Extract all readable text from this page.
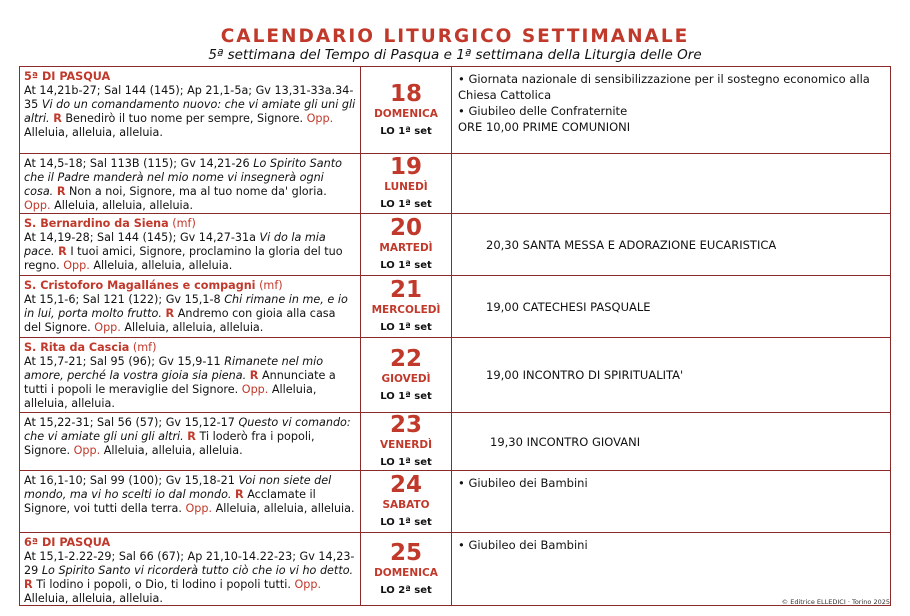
CALENDARIO LITURGICO SETTIMANALE
5ª settimana del Tempo di Pasqua e 1ª settimana della Liturgia delle Ore
5ª DI PASQUA
At 14,21b-27; Sal 144 (145); Ap 21,1-5a; Gv 13,31-33a.34-35 Vi do un comandamento nuovo: che vi amiate gli uni gli altri. R Benedirò il tuo nome per sempre, Signore. Opp. Alleluia, alleluia, alleluia.
18
DOMENICA
LO 1ª set
• Giornata nazionale di sensibilizzazione per il sostegno economico alla Chiesa Cattolica
• Giubileo delle Confraternite
ORE 10,00 PRIME COMUNIONI
At 14,5-18; Sal 113B (115); Gv 14,21-26 Lo Spirito Santo che il Padre manderà nel mio nome vi insegnerà ogni cosa. R Non a noi, Signore, ma al tuo nome da' gloria. Opp. Alleluia, alleluia, alleluia.
19
LUNEDÌ
LO 1ª set
S. Bernardino da Siena (mf)
At 14,19-28; Sal 144 (145); Gv 14,27-31a Vi do la mia pace. R I tuoi amici, Signore, proclamino la gloria del tuo regno. Opp. Alleluia, alleluia, alleluia.
20
MARTEDÌ
LO 1ª set
20,30 SANTA MESSA E ADORAZIONE EUCARISTICA
S. Cristoforo Magallánes e compagni (mf)
At 15,1-6; Sal 121 (122); Gv 15,1-8 Chi rimane in me, e io in lui, porta molto frutto. R Andremo con gioia alla casa del Signore. Opp. Alleluia, alleluia, alleluia.
21
MERCOLEDÌ
LO 1ª set
19,00 CATECHESI PASQUALE
S. Rita da Cascia (mf)
At 15,7-21; Sal 95 (96); Gv 15,9-11 Rimanete nel mio amore, perché la vostra gioia sia piena. R Annunciate a tutti i popoli le meraviglie del Signore. Opp. Alleluia, alleluia, alleluia.
22
GIOVEDÌ
LO 1ª set
19,00 INCONTRO DI SPIRITUALITA'
At 15,22-31; Sal 56 (57); Gv 15,12-17 Questo vi comando: che vi amiate gli uni gli altri. R Ti loderò fra i popoli, Signore. Opp. Alleluia, alleluia, alleluia.
23
VENERDÌ
LO 1ª set
19,30 INCONTRO GIOVANI
At 16,1-10; Sal 99 (100); Gv 15,18-21 Voi non siete del mondo, ma vi ho scelti io dal mondo. R Acclamate il Signore, voi tutti della terra. Opp. Alleluia, alleluia, alleluia.
24
SABATO
LO 1ª set
• Giubileo dei Bambini
6ª DI PASQUA
At 15,1-2.22-29; Sal 66 (67); Ap 21,10-14.22-23; Gv 14,23-29 Lo Spirito Santo vi ricorderà tutto ciò che io vi ho detto. R Ti lodino i popoli, o Dio, ti lodino i popoli tutti. Opp. Alleluia, alleluia, alleluia.
25
DOMENICA
LO 2ª set
• Giubileo dei Bambini
© Editrice ELLEDICI · Torino 2025
